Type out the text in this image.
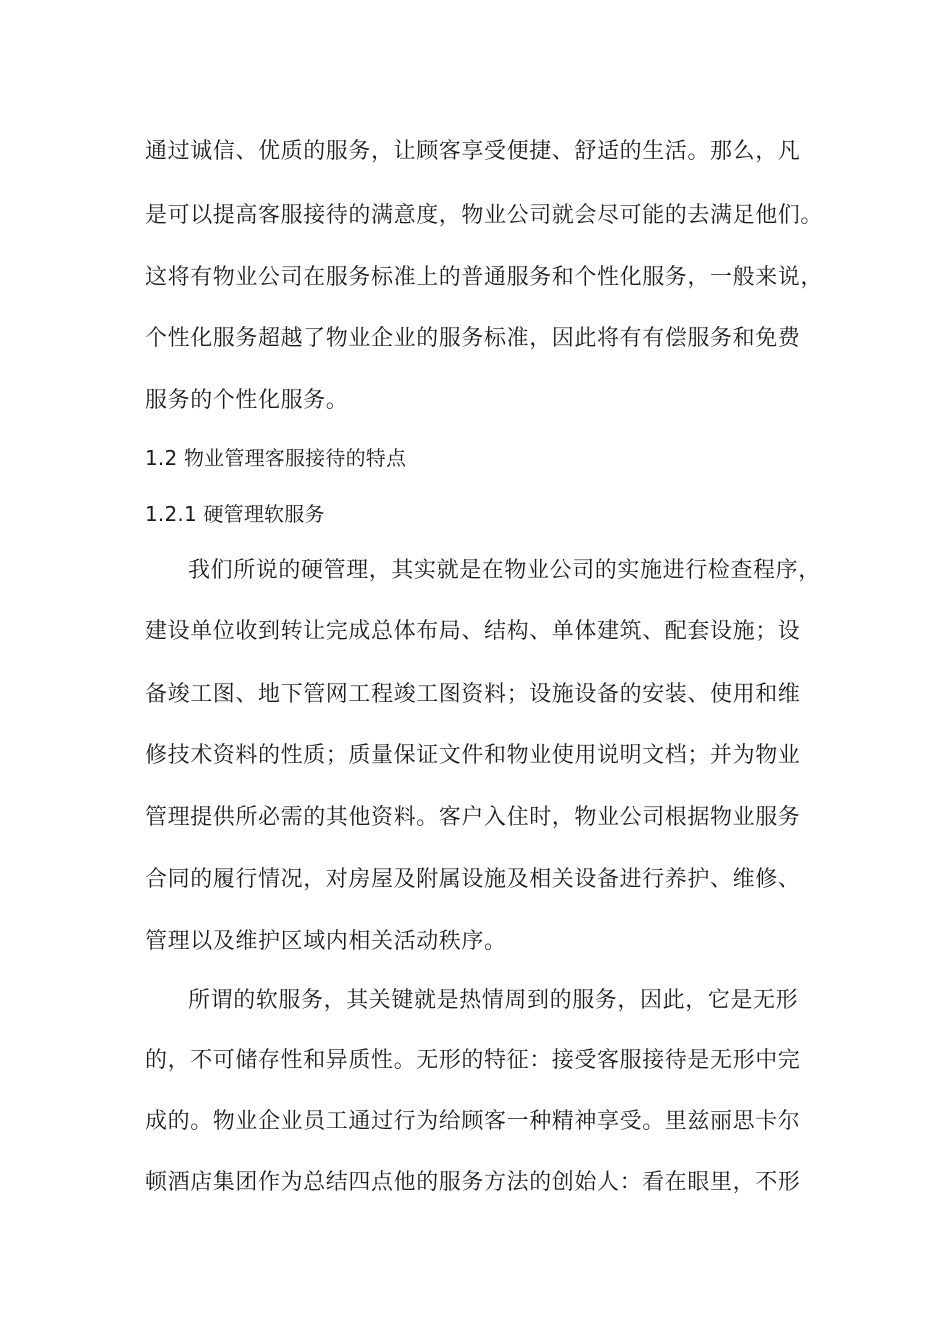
通过诚信、优质的服务，让顾客享受便捷、舒适的生活。那么，凡
是可以提高客服接待的满意度，物业公司就会尽可能的去满足他们。
这将有物业公司在服务标准上的普通服务和个性化服务，一般来说，
个性化服务超越了物业企业的服务标准，因此将有有偿服务和免费
服务的个性化服务。
1.2 物业管理客服接待的特点
1.2.1 硬管理软服务
我们所说的硬管理，其实就是在物业公司的实施进行检查程序，
建设单位收到转让完成总体布局、结构、单体建筑、配套设施；设
备竣工图、地下管网工程竣工图资料；设施设备的安装、使用和维
修技术资料的性质；质量保证文件和物业使用说明文档；并为物业
管理提供所必需的其他资料。客户入住时，物业公司根据物业服务
合同的履行情况，对房屋及附属设施及相关设备进行养护、维修、
管理以及维护区域内相关活动秩序。
所谓的软服务，其关键就是热情周到的服务，因此，它是无形
的，不可储存性和异质性。无形的特征：接受客服接待是无形中完
成的。物业企业员工通过行为给顾客一种精神享受。里兹丽思卡尔
顿酒店集团作为总结四点他的服务方法的创始人：看在眼里，不形
